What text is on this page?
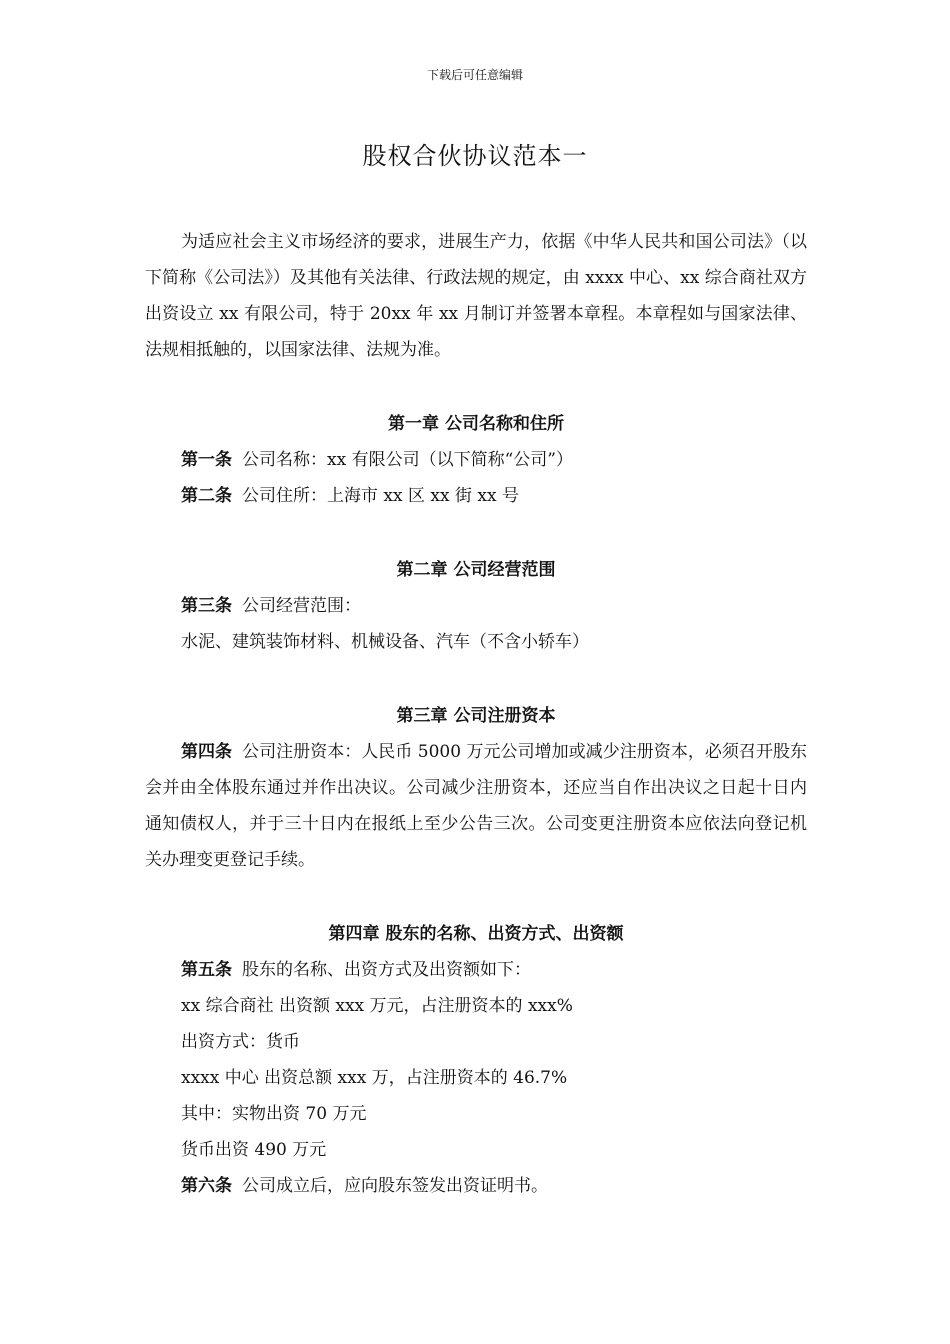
下载后可任意编辑
股权合伙协议范本一

为适应社会主义市场经济的要求，进展生产力，依据《中华人民共和国公司法》（以下简称《公司法》）及其他有关法律、行政法规的规定，由 xxxx 中心、xx 综合商社双方出资设立 xx 有限公司，特于 20xx 年 xx 月制订并签署本章程。本章程如与国家法律、法规相抵触的，以国家法律、法规为准。

第一章 公司名称和住所

第一条 公司名称：xx 有限公司（以下简称“公司”）

第二条 公司住所：上海市 xx 区 xx 街 xx 号

第二章 公司经营范围

第三条 公司经营范围：

水泥、建筑装饰材料、机械设备、汽车（不含小轿车）

第三章 公司注册资本

第四条 公司注册资本：人民币 5000 万元公司增加或减少注册资本，必须召开股东会并由全体股东通过并作出决议。公司减少注册资本，还应当自作出决议之日起十日内通知债权人，并于三十日内在报纸上至少公告三次。公司变更注册资本应依法向登记机关办理变更登记手续。

第四章 股东的名称、出资方式、出资额

第五条 股东的名称、出资方式及出资额如下：

xx 综合商社 出资额 xxx 万元，占注册资本的 xxx%

出资方式：货币

xxxx 中心 出资总额 xxx 万，占注册资本的 46.7%

其中：实物出资 70 万元

货币出资 490 万元

第六条 公司成立后，应向股东签发出资证明书。
